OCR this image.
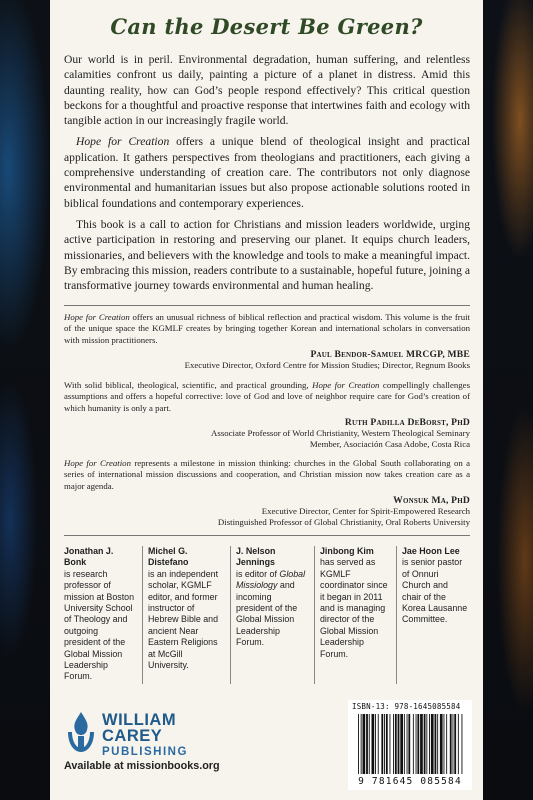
Can the Desert Be Green?

Our world is in peril. Environmental degradation, human suffering, and relentless calamities confront us daily, painting a picture of a planet in distress. Amid this daunting reality, how can God’s people respond effectively? This critical question beckons for a thoughtful and proactive response that intertwines faith and ecology with tangible action in our increasingly fragile world.

Hope for Creation offers a unique blend of theological insight and practical application. It gathers perspectives from theologians and practitioners, each giving a comprehensive understanding of creation care. The contributors not only diagnose environmental and humanitarian issues but also propose actionable solutions rooted in biblical foundations and contemporary experiences.

This book is a call to action for Christians and mission leaders worldwide, urging active participation in restoring and preserving our planet. It equips church leaders, missionaries, and believers with the knowledge and tools to make a meaningful impact. By embracing this mission, readers contribute to a sustainable, hopeful future, joining a transformative journey towards environmental and human healing.

Hope for Creation offers an unusual richness of biblical reflection and practical wisdom. This volume is the fruit of the unique space the KGMLF creates by bringing together Korean and international scholars in conversation with mission practitioners.

Paul Bendor-Samuel MRCGP, MBE
Executive Director, Oxford Centre for Mission Studies; Director, Regnum Books

With solid biblical, theological, scientific, and practical grounding, Hope for Creation compellingly challenges assumptions and offers a hopeful corrective: love of God and love of neighbor require care for God’s creation of which humanity is only a part.

Ruth Padilla DeBorst, PhD
Associate Professor of World Christianity, Western Theological Seminary
Member, Asociación Casa Adobe, Costa Rica

Hope for Creation represents a milestone in mission thinking: churches in the Global South collaborating on a series of international mission discussions and cooperation, and Christian mission now takes creation care as a major agenda.

Wonsuk Ma, PhD
Executive Director, Center for Spirit-Empowered Research
Distinguished Professor of Global Christianity, Oral Roberts University
Jonathan J. Bonk
is research professor of mission at Boston University School of Theology and outgoing president of the Global Mission Leadership Forum.
Michel G. Distefano
is an independent scholar, KGMLF editor, and former instructor of Hebrew Bible and ancient Near Eastern Religions at McGill University.
J. Nelson Jennings
is editor of Global Missiology and incoming president of the Global Mission Leadership Forum.
Jinbong Kim
has served as KGMLF coordinator since it began in 2011 and is managing director of the Global Mission Leadership Forum.
Jae Hoon Lee
is senior pastor of Onnuri Church and chair of the Korea Lausanne Committee.
WILLIAM
CAREY
PUBLISHING
Available at missionbooks.org
ISBN-13: 978-1645085584
9 781645 085584
